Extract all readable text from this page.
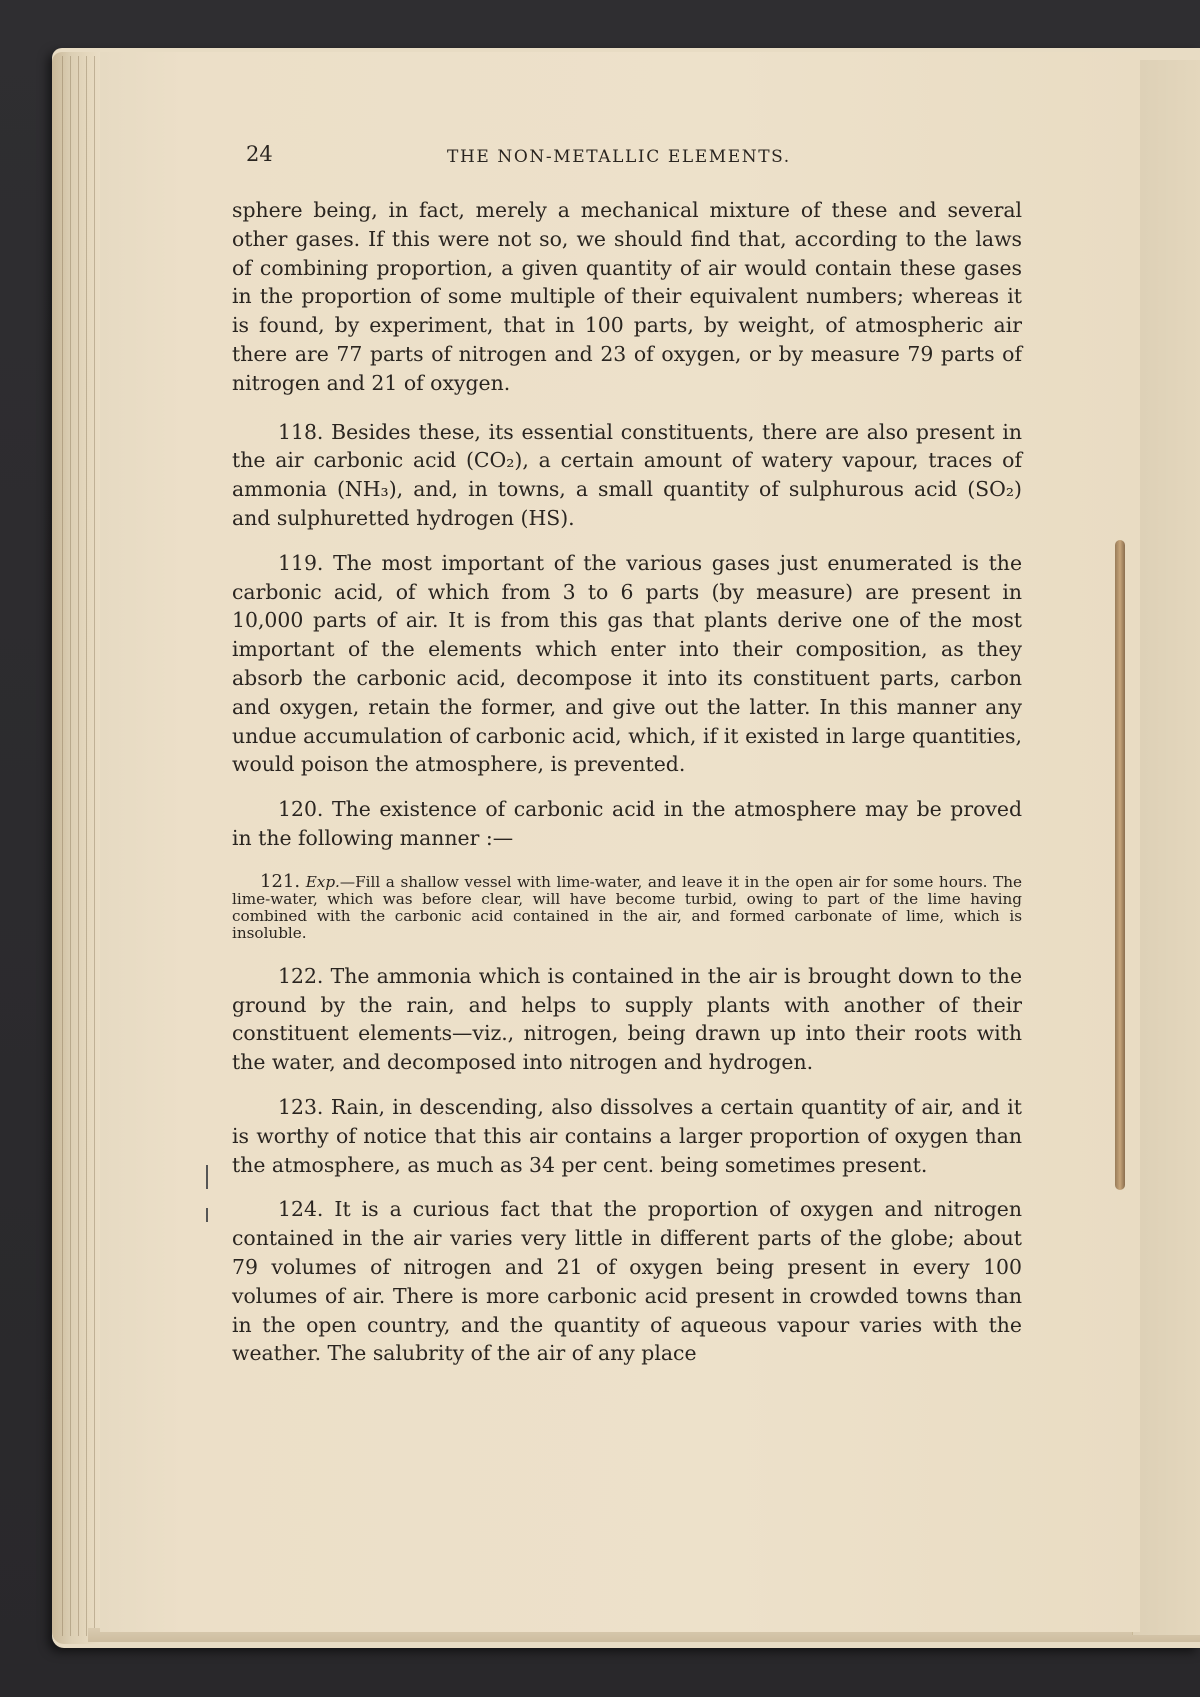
24	THE NON-METALLIC ELEMENTS.

sphere being, in fact, merely a mechanical mixture of these and several other gases. If this were not so, we should find that, according to the laws of combining proportion, a given quantity of air would contain these gases in the proportion of some multiple of their equivalent numbers; whereas it is found, by experiment, that in 100 parts, by weight, of atmospheric air there are 77 parts of nitrogen and 23 of oxygen, or by measure 79 parts of nitrogen and 21 of oxygen.

118. Besides these, its essential constituents, there are also present in the air carbonic acid (CO₂), a certain amount of watery vapour, traces of ammonia (NH₃), and, in towns, a small quantity of sulphurous acid (SO₂) and sulphuretted hydrogen (HS).

119. The most important of the various gases just enumerated is the carbonic acid, of which from 3 to 6 parts (by measure) are present in 10,000 parts of air. It is from this gas that plants derive one of the most important of the elements which enter into their composition, as they absorb the carbonic acid, decompose it into its constituent parts, carbon and oxygen, retain the former, and give out the latter. In this manner any undue accumulation of carbonic acid, which, if it existed in large quantities, would poison the atmosphere, is prevented.

120. The existence of carbonic acid in the atmosphere may be proved in the following manner :—

121. Exp.—Fill a shallow vessel with lime-water, and leave it in the open air for some hours. The lime-water, which was before clear, will have become turbid, owing to part of the lime having combined with the carbonic acid contained in the air, and formed carbonate of lime, which is insoluble.

122. The ammonia which is contained in the air is brought down to the ground by the rain, and helps to supply plants with another of their constituent elements—viz., nitrogen, being drawn up into their roots with the water, and decomposed into nitrogen and hydrogen.

123. Rain, in descending, also dissolves a certain quantity of air, and it is worthy of notice that this air contains a larger proportion of oxygen than the atmosphere, as much as 34 per cent. being sometimes present.

124. It is a curious fact that the proportion of oxygen and nitrogen contained in the air varies very little in different parts of the globe; about 79 volumes of nitrogen and 21 of oxygen being present in every 100 volumes of air. There is more carbonic acid present in crowded towns than in the open country, and the quantity of aqueous vapour varies with the weather. The salubrity of the air of any place
